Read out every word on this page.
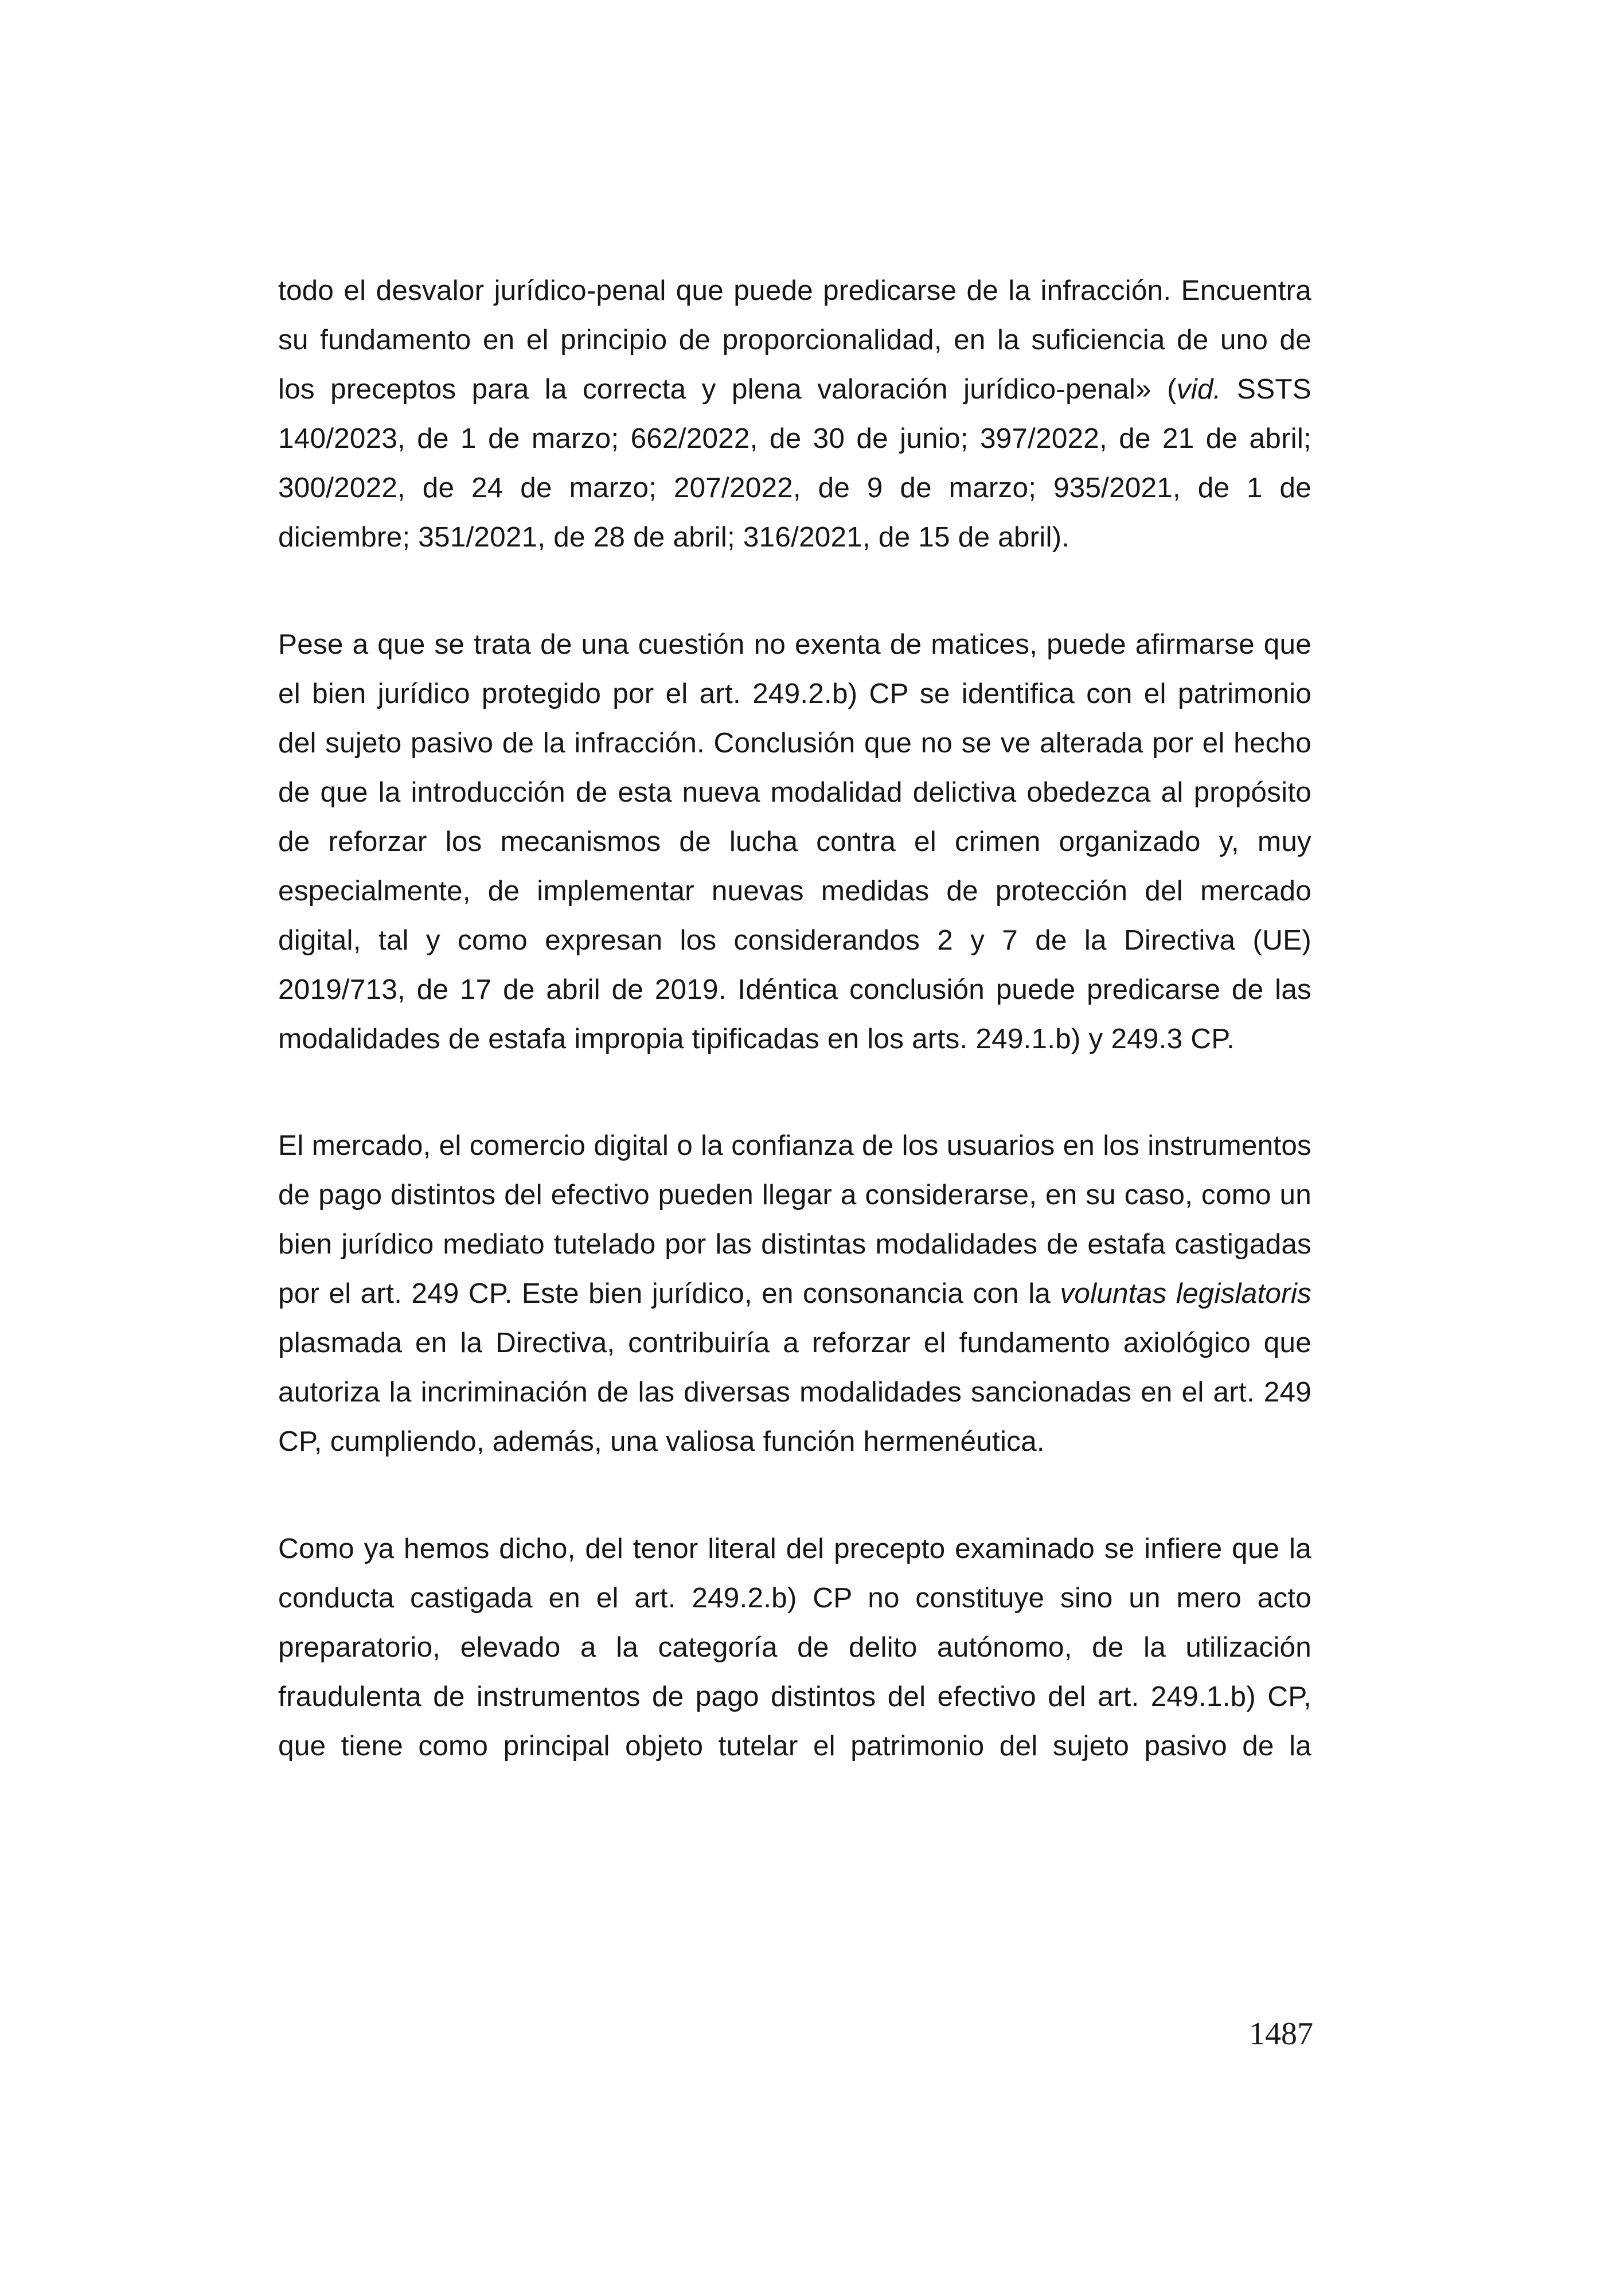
todo el desvalor jurídico-penal que puede predicarse de la infracción. Encuentra
su fundamento en el principio de proporcionalidad, en la suficiencia de uno de
los preceptos para la correcta y plena valoración jurídico-penal» (vid. SSTS
140/2023, de 1 de marzo; 662/2022, de 30 de junio; 397/2022, de 21 de abril;
300/2022, de 24 de marzo; 207/2022, de 9 de marzo; 935/2021, de 1 de
diciembre; 351/2021, de 28 de abril; 316/2021, de 15 de abril).
Pese a que se trata de una cuestión no exenta de matices, puede afirmarse que
el bien jurídico protegido por el art. 249.2.b) CP se identifica con el patrimonio
del sujeto pasivo de la infracción. Conclusión que no se ve alterada por el hecho
de que la introducción de esta nueva modalidad delictiva obedezca al propósito
de reforzar los mecanismos de lucha contra el crimen organizado y, muy
especialmente, de implementar nuevas medidas de protección del mercado
digital, tal y como expresan los considerandos 2 y 7 de la Directiva (UE)
2019/713, de 17 de abril de 2019. Idéntica conclusión puede predicarse de las
modalidades de estafa impropia tipificadas en los arts. 249.1.b) y 249.3 CP.
El mercado, el comercio digital o la confianza de los usuarios en los instrumentos
de pago distintos del efectivo pueden llegar a considerarse, en su caso, como un
bien jurídico mediato tutelado por las distintas modalidades de estafa castigadas
por el art. 249 CP. Este bien jurídico, en consonancia con la voluntas legislatoris
plasmada en la Directiva, contribuiría a reforzar el fundamento axiológico que
autoriza la incriminación de las diversas modalidades sancionadas en el art. 249
CP, cumpliendo, además, una valiosa función hermenéutica.
Como ya hemos dicho, del tenor literal del precepto examinado se infiere que la
conducta castigada en el art. 249.2.b) CP no constituye sino un mero acto
preparatorio, elevado a la categoría de delito autónomo, de la utilización
fraudulenta de instrumentos de pago distintos del efectivo del art. 249.1.b) CP,
que tiene como principal objeto tutelar el patrimonio del sujeto pasivo de la
1487
